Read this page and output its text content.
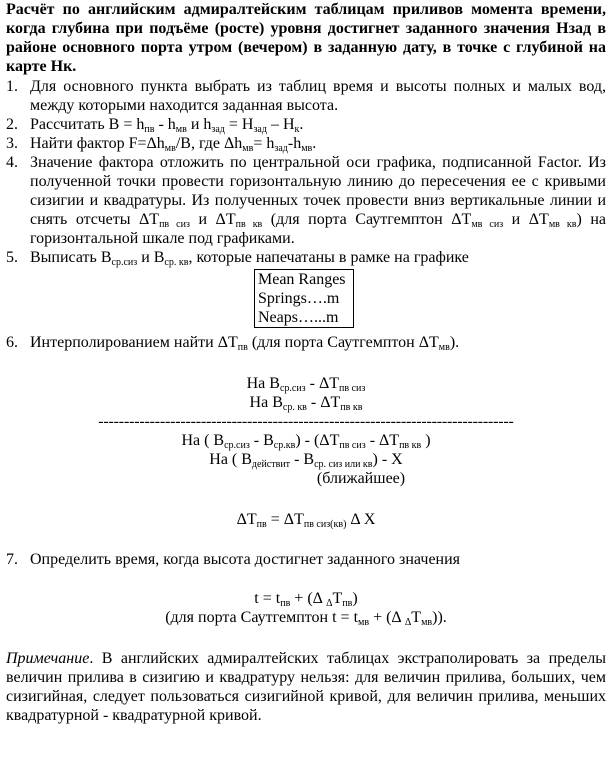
Расчёт по английским адмиралтейским таблицам приливов момента времени, когда глубина при подъёме (росте) уровня достигнет заданного значения Нзад в районе основного порта утром (вечером) в заданную дату, в точке с глубиной на карте Нк.

1. Для основного пункта выбрать из таблиц время и высоты полных и малых вод, между которыми находится заданная высота.
2. Рассчитать $B = h_{пв} - h_{мв}$ и $h_{зад} = H_{зад} - H_к$.
3. Найти фактор $F=\Delta h_{мв}/B$, где $\Delta h_{мв}= h_{зад}-h_{мв}$.
4. Значение фактора отложить по центральной оси графика, подписанной Factor. Из полученной точки провести горизонтальную линию до пересечения ее с кривыми сизигии и квадратуры. Из полученных точек провести вниз вертикальные линии и снять отсчеты $\Delta T_{пв сиз}$ и $\Delta T_{пв кв}$ (для порта Саутгемптон $\Delta T_{мв сиз}$ и $\Delta T_{мв кв}$) на горизонтальной шкале под графиками.
5. Выписать $B_{ср.сиз}$ и $B_{ср. кв}$, которые напечатаны в рамке на графике
Mean Ranges
Springs….m
Neaps…...m
6. Интерполированием найти $\Delta T_{пв}$ (для порта Саутгемптон $\Delta T_{мв}$).
На $B_{ср.сиз} - \Delta T_{пв сиз}$
На $B_{ср. кв} - \Delta T_{пв кв}$
---------------------------------------------------------------------------------
На ( $B_{ср.сиз} - B_{ср.кв}) - (\Delta T_{пв сиз} - \Delta T_{пв кв}$ )
На ( $B_{действит} - B_{ср. сиз или кв}$) - X
(ближайшее)
$\Delta T_{пв} = \Delta T_{пв сиз(кв)}$ Δ X
7. Определить время, когда высота достигнет заданного значения
$t = t_{пв} + (\Delta$ $_\Delta T_{пв}$)
(для порта Саутгемптон $t = t_{мв} + (\Delta$ $_\Delta T_{мв}$)).

Примечание. В английских адмиралтейских таблицах экстраполировать за пределы величин прилива в сизигию и квадратуру нельзя: для величин прилива, больших, чем сизигийная, следует пользоваться сизигийной кривой, для величин прилива, меньших квадратурной - квадратурной кривой.
